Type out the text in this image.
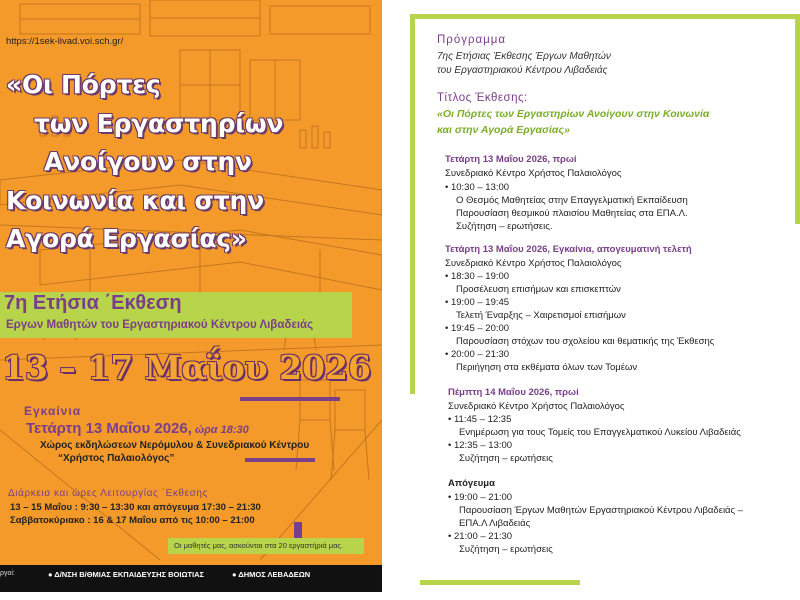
https://1sek-livad.voi.sch.gr/
«Οι Πόρτες
των Εργαστηρίων
Ανοίγουν στην
Κοινωνία και στην
Αγορά Εργασίας»
7η Ετήσια ΄Εκθεση
Εργων Μαθητών του Εργαστηριακού Κέντρου Λιβαδειάς
13 – 17 Μαΐου 2026
Εγκαίνια
Τετάρτη 13 Μαΐου 2026, ώρα 18:30
Χώρος εκδηλώσεων Νερόμυλου & Συνεδριακού Κέντρου
“Χρήστος Παλαιολόγος”
Διάρκεια και ώρες Λειτουργίας ΄Εκθεσης
13 – 15 Μαΐου : 9:30 – 13:30 και απόγευμα 17:30 – 21:30
Σαββατοκύριακο : 16 & 17 Μαΐου από τις 10:00 – 21:00
Οι μαθητές μας, ασκούνται στα 20 εργαστήριά μας.
ργοί:	● Δ/ΝΣΗ Β/ΘΜΙΑΣ ΕΚΠΑΙΔΕΥΣΗΣ ΒΟΙΩΤΙΑΣ	● ΔΗΜΟΣ ΛΕΒΑΔΕΩΝ
Πρόγραμμα
7ης Ετήσιας Έκθεσης Έργων Μαθητών
του Εργαστηριακού Κέντρου Λιβαδειάς
Τίτλος Έκθεσης:
«Οι Πόρτες των Εργαστηρίων Ανοίγουν στην Κοινωνία
και στην Αγορά Εργασίας»
Τετάρτη 13 Μαΐου 2026, πρωί
Συνεδριακό Κέντρο Χρήστος Παλαιολόγος
• 10:30 – 13:00
Ο Θεσμός Μαθητείας στην Επαγγελματική Εκπαίδευση
Παρουσίαση θεσμικού πλαισίου Μαθητείας στα ΕΠΑ.Λ.
Συζήτηση – ερωτήσεις.
Τετάρτη 13 Μαΐου 2026, Εγκαίνια, απογευματινή τελετή
Συνεδριακό Κέντρο Χρήστος Παλαιολόγος
• 18:30 – 19:00
Προσέλευση επισήμων και επισκεπτών
• 19:00 – 19:45
Τελετή Έναρξης – Χαιρετισμοί επισήμων
• 19:45 – 20:00
Παρουσίαση στόχων του σχολείου και θεματικής της Έκθεσης
• 20:00 – 21:30
Περιήγηση στα εκθέματα όλων των Τομέων
Πέμπτη 14 Μαΐου 2026, πρωί
Συνεδριακό Κέντρο Χρήστος Παλαιολόγος
• 11:45 – 12:35
Ενημέρωση για τους Τομείς του Επαγγελματικού Λυκείου Λιβαδειάς
• 12:35 – 13:00
Συζήτηση – ερωτήσεις
Απόγευμα
• 19:00 – 21:00
Παρουσίαση Έργων Μαθητών Εργαστηριακού Κέντρου Λιβαδειάς –
ΕΠΑ.Λ Λιβαδειάς
• 21:00 – 21:30
Συζήτηση – ερωτήσεις
